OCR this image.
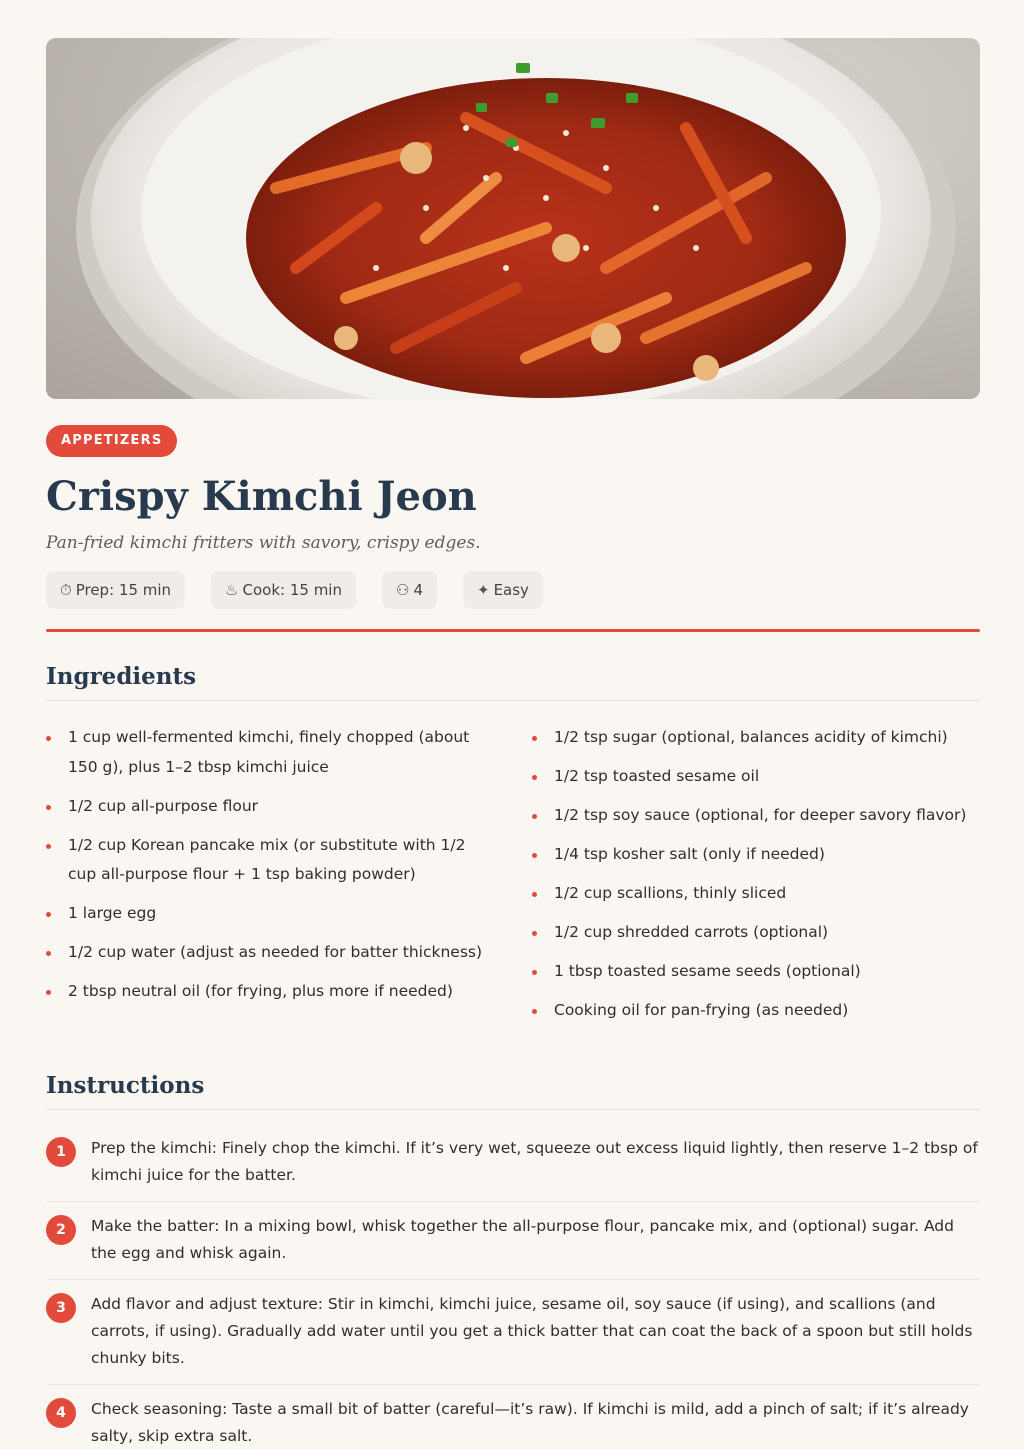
APPETIZERS
Crispy Kimchi Jeon

Pan-fried kimchi fritters with savory, crispy edges.

⏱ Prep: 15 min	♨ Cook: 15 min	⚇ 4	✦ Easy
Ingredients
1 cup well-fermented kimchi, finely chopped (about 150 g), plus 1–2 tbsp kimchi juice
1/2 cup all-purpose flour
1/2 cup Korean pancake mix (or substitute with 1/2 cup all-purpose flour + 1 tsp baking powder)
1 large egg
1/2 cup water (adjust as needed for batter thickness)
2 tbsp neutral oil (for frying, plus more if needed)
1/2 tsp sugar (optional, balances acidity of kimchi)
1/2 tsp toasted sesame oil
1/2 tsp soy sauce (optional, for deeper savory flavor)
1/4 tsp kosher salt (only if needed)
1/2 cup scallions, thinly sliced
1/2 cup shredded carrots (optional)
1 tbsp toasted sesame seeds (optional)
Cooking oil for pan-frying (as needed)
Instructions
1	Prep the kimchi: Finely chop the kimchi. If it’s very wet, squeeze out excess liquid lightly, then reserve 1–2 tbsp of kimchi juice for the batter.
2	Make the batter: In a mixing bowl, whisk together the all-purpose flour, pancake mix, and (optional) sugar. Add the egg and whisk again.
3	Add flavor and adjust texture: Stir in kimchi, kimchi juice, sesame oil, soy sauce (if using), and scallions (and carrots, if using). Gradually add water until you get a thick batter that can coat the back of a spoon but still holds chunky bits.
4	Check seasoning: Taste a small bit of batter (careful—it’s raw). If kimchi is mild, add a pinch of salt; if it’s already salty, skip extra salt.
